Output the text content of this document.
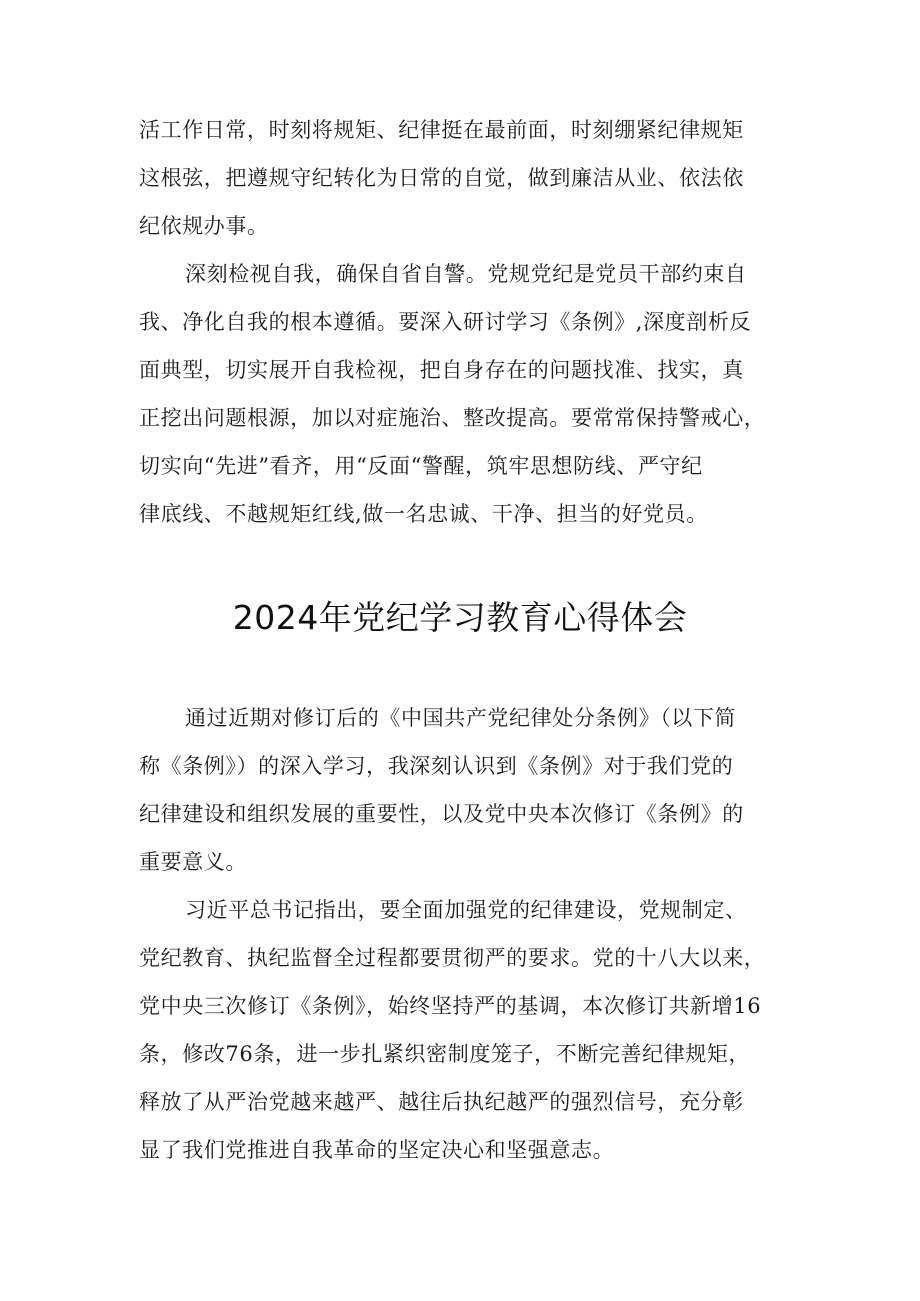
活工作日常，时刻将规矩、纪律挺在最前面，时刻绷紧纪律规矩
这根弦，把遵规守纪转化为日常的自觉，做到廉洁从业、依法依
纪依规办事。
深刻检视自我，确保自省自警。党规党纪是党员干部约束自
我、净化自我的根本遵循。要深入研讨学习《条例》,深度剖析反
面典型，切实展开自我检视，把自身存在的问题找准、找实，真
正挖出问题根源，加以对症施治、整改提高。要常常保持警戒心，
切实向“先进”看齐，用“反面“警醒，筑牢思想防线、严守纪
律底线、不越规矩红线,做一名忠诚、干净、担当的好党员。
2024年党纪学习教育心得体会
通过近期对修订后的《中国共产党纪律处分条例》（以下简
称《条例》）的深入学习，我深刻认识到《条例》对于我们党的
纪律建设和组织发展的重要性，以及党中央本次修订《条例》的
重要意义。
习近平总书记指出，要全面加强党的纪律建设，党规制定、
党纪教育、执纪监督全过程都要贯彻严的要求。党的十八大以来，
党中央三次修订《条例》，始终坚持严的基调，本次修订共新增16
条，修改76条，进一步扎紧织密制度笼子，不断完善纪律规矩，
释放了从严治党越来越严、越往后执纪越严的强烈信号，充分彰
显了我们党推进自我革命的坚定决心和坚强意志。
